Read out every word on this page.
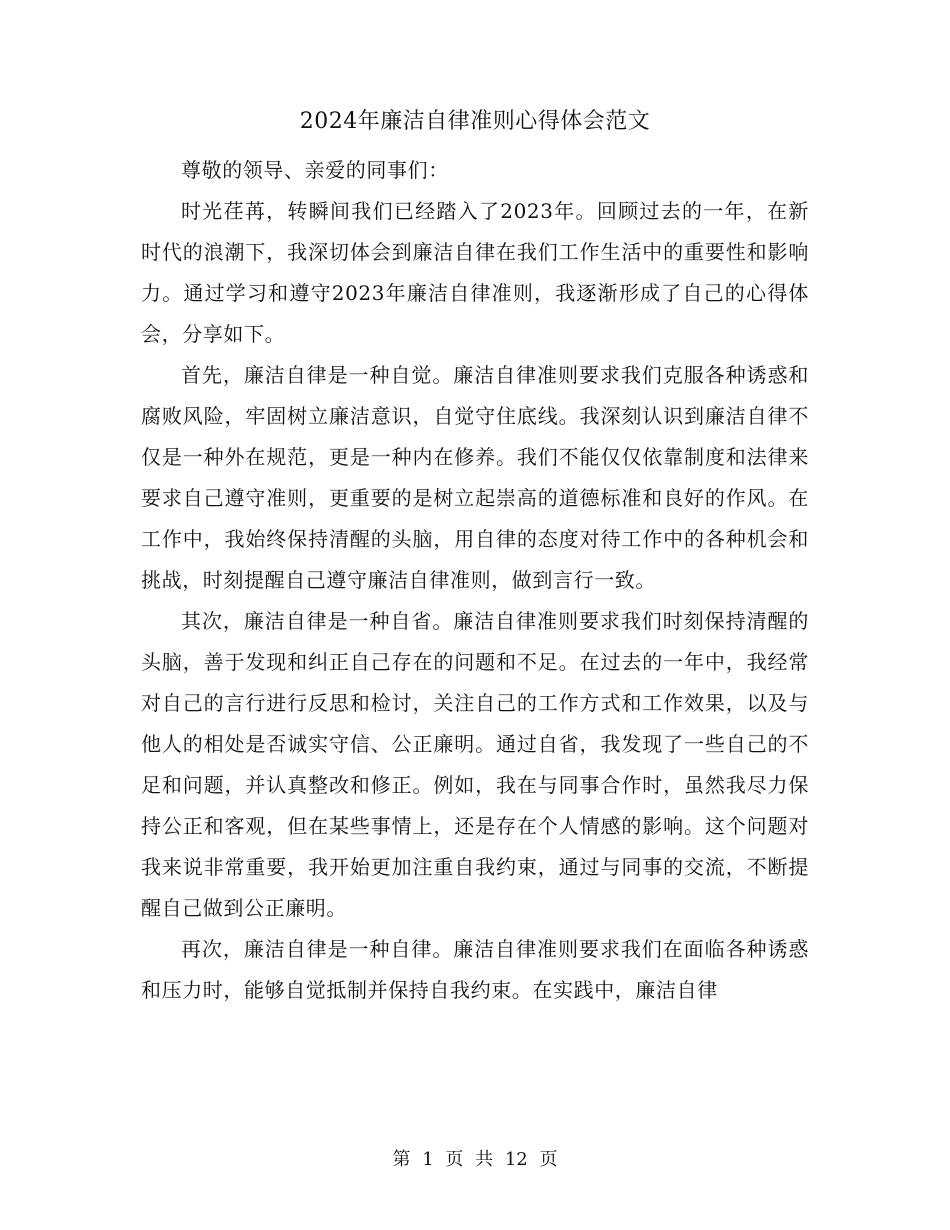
2024年廉洁自律准则心得体会范文

尊敬的领导、亲爱的同事们：

时光荏苒，转瞬间我们已经踏入了2023年。回顾过去的一年，在新时代的浪潮下，我深切体会到廉洁自律在我们工作生活中的重要性和影响力。通过学习和遵守2023年廉洁自律准则，我逐渐形成了自己的心得体会，分享如下。

首先，廉洁自律是一种自觉。廉洁自律准则要求我们克服各种诱惑和腐败风险，牢固树立廉洁意识，自觉守住底线。我深刻认识到廉洁自律不仅是一种外在规范，更是一种内在修养。我们不能仅仅依靠制度和法律来要求自己遵守准则，更重要的是树立起崇高的道德标准和良好的作风。在工作中，我始终保持清醒的头脑，用自律的态度对待工作中的各种机会和挑战，时刻提醒自己遵守廉洁自律准则，做到言行一致。

其次，廉洁自律是一种自省。廉洁自律准则要求我们时刻保持清醒的头脑，善于发现和纠正自己存在的问题和不足。在过去的一年中，我经常对自己的言行进行反思和检讨，关注自己的工作方式和工作效果，以及与他人的相处是否诚实守信、公正廉明。通过自省，我发现了一些自己的不足和问题，并认真整改和修正。例如，我在与同事合作时，虽然我尽力保持公正和客观，但在某些事情上，还是存在个人情感的影响。这个问题对我来说非常重要，我开始更加注重自我约束，通过与同事的交流，不断提醒自己做到公正廉明。

再次，廉洁自律是一种自律。廉洁自律准则要求我们在面临各种诱惑和压力时，能够自觉抵制并保持自我约束。在实践中，廉洁自律

第 1 页 共 12 页
